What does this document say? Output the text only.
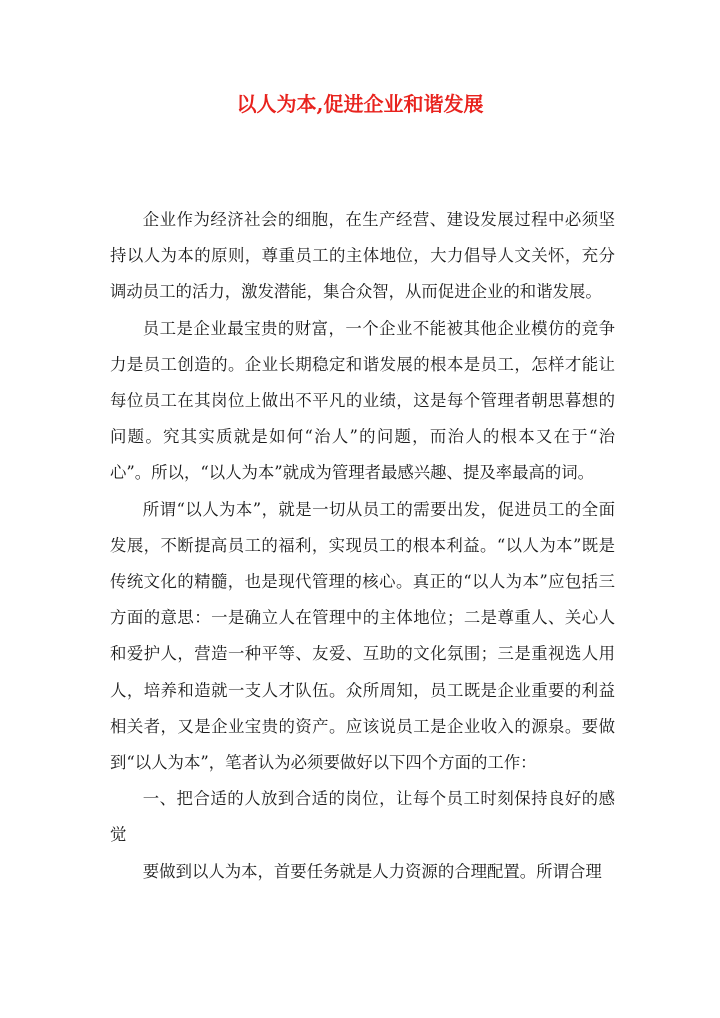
以人为本,促进企业和谐发展

企业作为经济社会的细胞，在生产经营、建设发展过程中必须坚持以人为本的原则，尊重员工的主体地位，大力倡导人文关怀，充分调动员工的活力，激发潜能，集合众智，从而促进企业的和谐发展。

员工是企业最宝贵的财富，一个企业不能被其他企业模仿的竞争力是员工创造的。企业长期稳定和谐发展的根本是员工，怎样才能让每位员工在其岗位上做出不平凡的业绩，这是每个管理者朝思暮想的问题。究其实质就是如何“治人”的问题，而治人的根本又在于“治心”。所以，“以人为本”就成为管理者最感兴趣、提及率最高的词。

所谓“以人为本”，就是一切从员工的需要出发，促进员工的全面发展，不断提高员工的福利，实现员工的根本利益。“以人为本”既是传统文化的精髓，也是现代管理的核心。真正的“以人为本”应包括三方面的意思：一是确立人在管理中的主体地位；二是尊重人、关心人和爱护人，营造一种平等、友爱、互助的文化氛围；三是重视选人用人，培养和造就一支人才队伍。众所周知，员工既是企业重要的利益相关者，又是企业宝贵的资产。应该说员工是企业收入的源泉。要做到“以人为本”，笔者认为必须要做好以下四个方面的工作：

一、把合适的人放到合适的岗位，让每个员工时刻保持良好的感觉

要做到以人为本，首要任务就是人力资源的合理配置。所谓合理
